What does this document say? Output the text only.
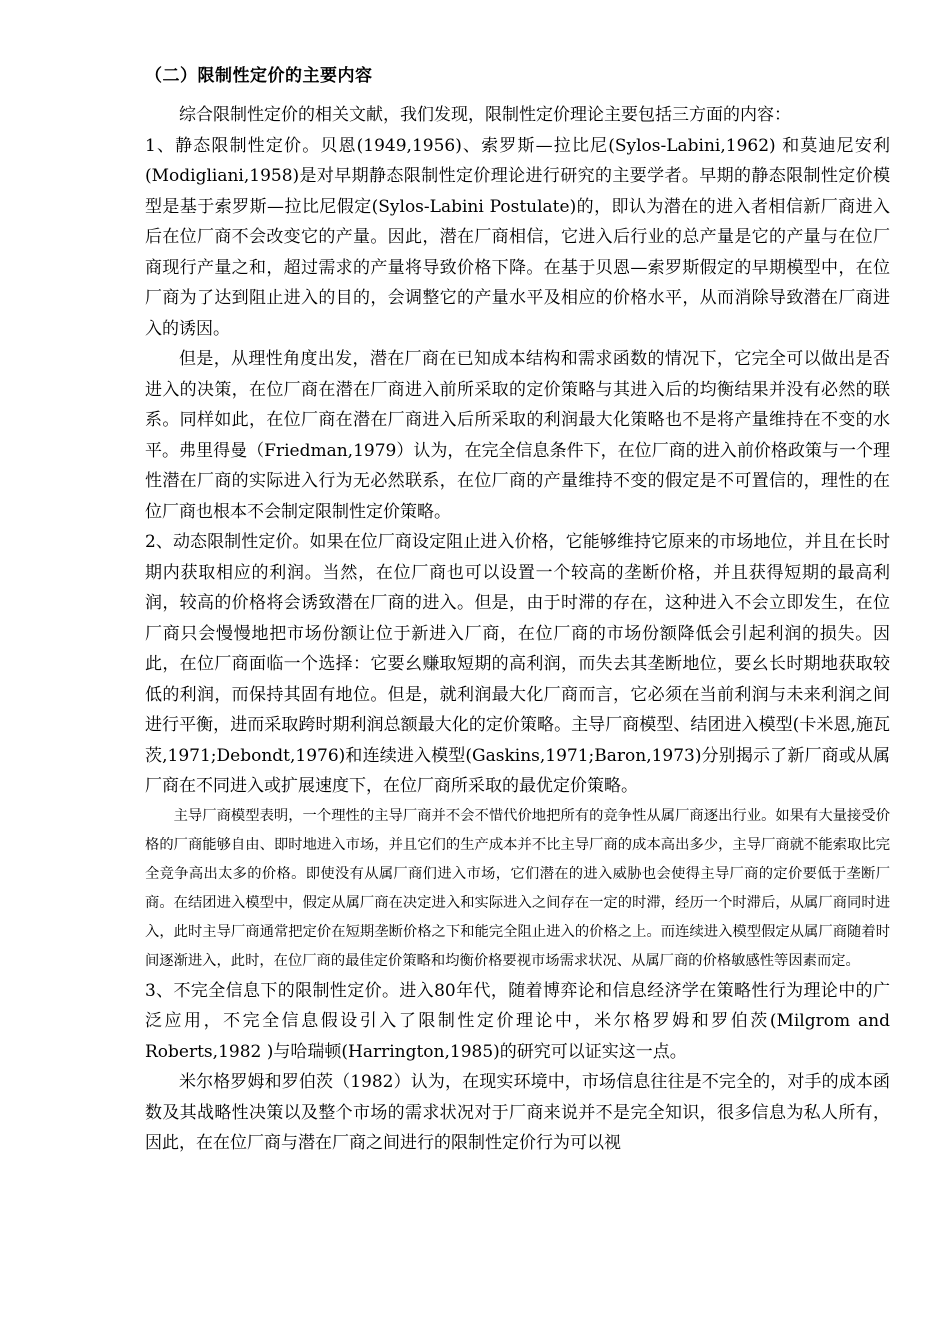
（二）限制性定价的主要内容

综合限制性定价的相关文献，我们发现，限制性定价理论主要包括三方面的内容：

1、静态限制性定价。贝恩(1949,1956)、索罗斯—拉比尼(Sylos-Labini,1962) 和莫迪尼安利(Modigliani,1958)是对早期静态限制性定价理论进行研究的主要学者。早期的静态限制性定价模型是基于索罗斯—拉比尼假定(Sylos-Labini Postulate)的，即认为潜在的进入者相信新厂商进入后在位厂商不会改变它的产量。因此，潜在厂商相信，它进入后行业的总产量是它的产量与在位厂商现行产量之和，超过需求的产量将导致价格下降。在基于贝恩—索罗斯假定的早期模型中，在位厂商为了达到阻止进入的目的，会调整它的产量水平及相应的价格水平，从而消除导致潜在厂商进入的诱因。

但是，从理性角度出发，潜在厂商在已知成本结构和需求函数的情况下，它完全可以做出是否进入的决策，在位厂商在潜在厂商进入前所采取的定价策略与其进入后的均衡结果并没有必然的联系。同样如此，在位厂商在潜在厂商进入后所采取的利润最大化策略也不是将产量维持在不变的水平。弗里得曼（Friedman,1979）认为，在完全信息条件下，在位厂商的进入前价格政策与一个理性潜在厂商的实际进入行为无必然联系，在位厂商的产量维持不变的假定是不可置信的，理性的在位厂商也根本不会制定限制性定价策略。

2、动态限制性定价。如果在位厂商设定阻止进入价格，它能够维持它原来的市场地位，并且在长时期内获取相应的利润。当然，在位厂商也可以设置一个较高的垄断价格，并且获得短期的最高利润，较高的价格将会诱致潜在厂商的进入。但是，由于时滞的存在，这种进入不会立即发生，在位厂商只会慢慢地把市场份额让位于新进入厂商，在位厂商的市场份额降低会引起利润的损失。因此，在位厂商面临一个选择：它要幺赚取短期的高利润，而失去其垄断地位，要幺长时期地获取较低的利润，而保持其固有地位。但是，就利润最大化厂商而言，它必须在当前利润与未来利润之间进行平衡，进而采取跨时期利润总额最大化的定价策略。主导厂商模型、结团进入模型(卡米恩,施瓦茨,1971;Debondt,1976)和连续进入模型(Gaskins,1971;Baron,1973)分别揭示了新厂商或从属厂商在不同进入或扩展速度下，在位厂商所采取的最优定价策略。

主导厂商模型表明，一个理性的主导厂商并不会不惜代价地把所有的竞争性从属厂商逐出行业。如果有大量接受价格的厂商能够自由、即时地进入市场，并且它们的生产成本并不比主导厂商的成本高出多少，主导厂商就不能索取比完全竞争高出太多的价格。即使没有从属厂商们进入市场，它们潜在的进入威胁也会使得主导厂商的定价要低于垄断厂商。在结团进入模型中，假定从属厂商在决定进入和实际进入之间存在一定的时滞，经历一个时滞后，从属厂商同时进入，此时主导厂商通常把定价在短期垄断价格之下和能完全阻止进入的价格之上。而连续进入模型假定从属厂商随着时间逐渐进入，此时，在位厂商的最佳定价策略和均衡价格要视市场需求状况、从属厂商的价格敏感性等因素而定。

3、不完全信息下的限制性定价。进入80年代，随着博弈论和信息经济学在策略性行为理论中的广泛应用，不完全信息假设引入了限制性定价理论中，米尔格罗姆和罗伯茨(Milgrom and Roberts,1982 )与哈瑞顿(Harrington,1985)的研究可以证实这一点。

米尔格罗姆和罗伯茨（1982）认为，在现实环境中，市场信息往往是不完全的，对手的成本函数及其战略性决策以及整个市场的需求状况对于厂商来说并不是完全知识，很多信息为私人所有，因此，在在位厂商与潜在厂商之间进行的限制性定价行为可以视
